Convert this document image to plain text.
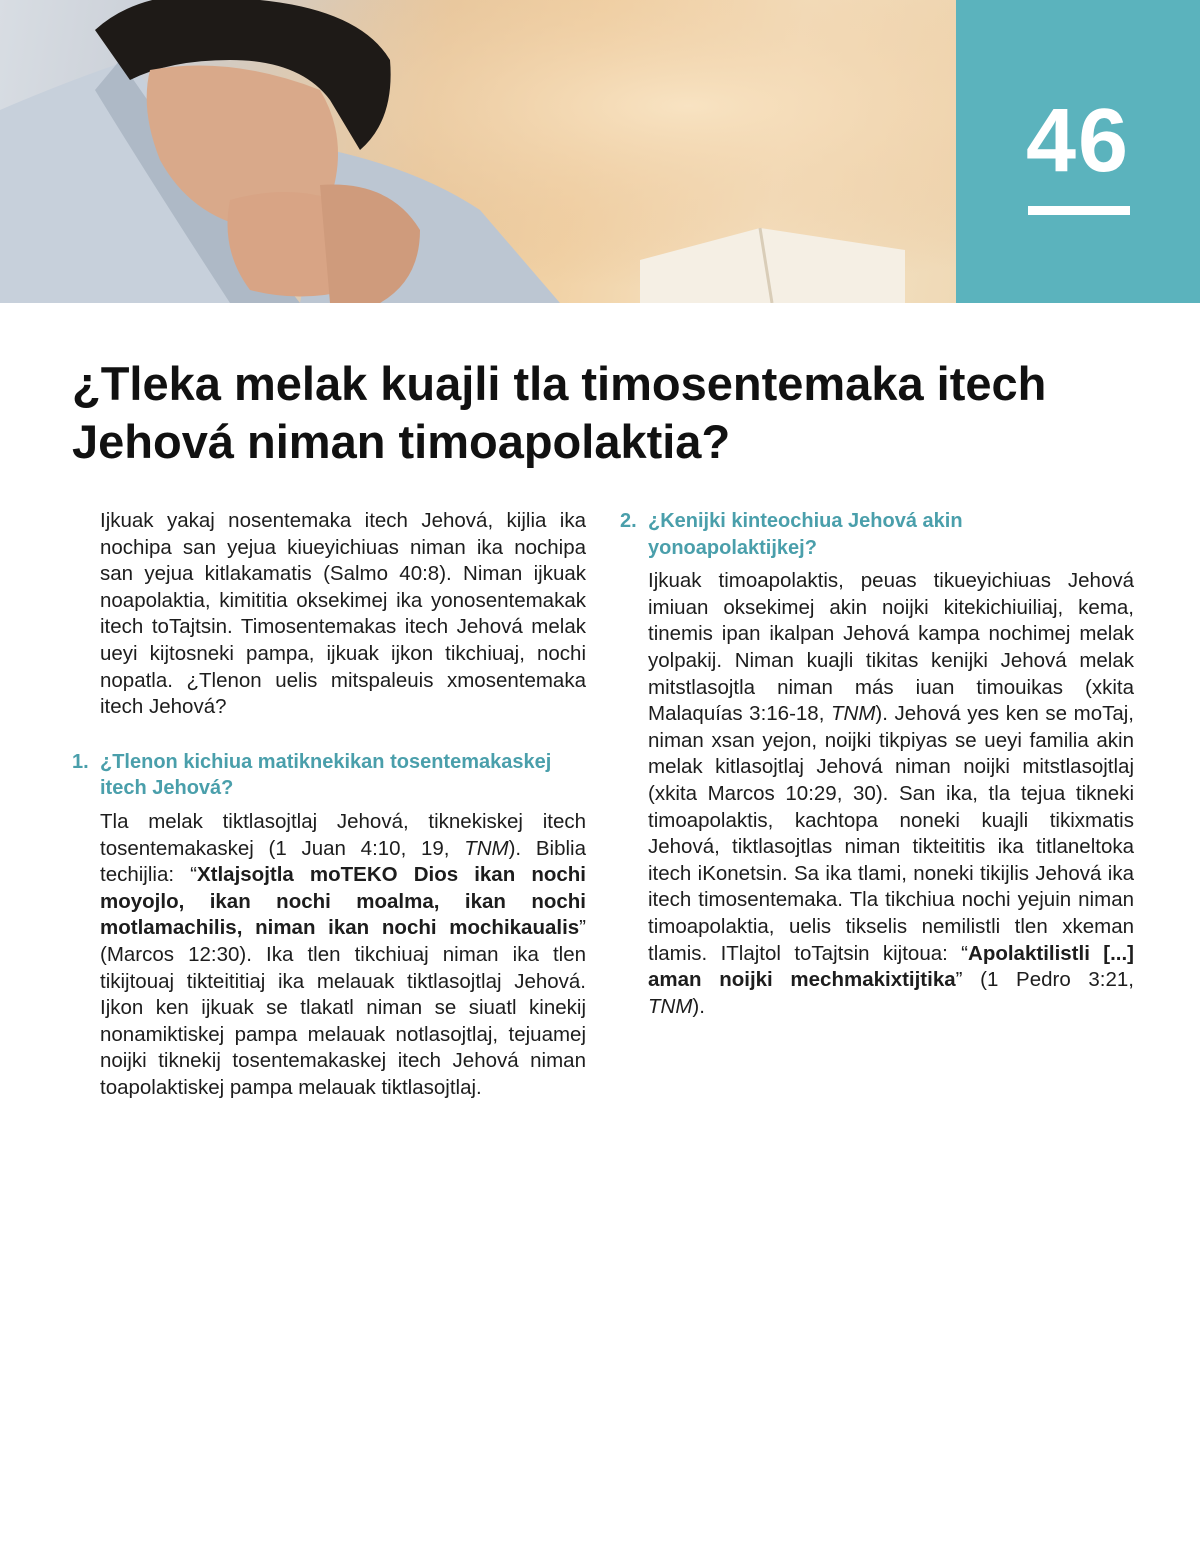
46
¿Tleka melak kuajli tla timosentemaka itech Jehová niman timoapolaktia?

Ijkuak yakaj nosentemaka itech Jehová, kijlia ika nochipa san yejua kiueyichiuas niman ika nochipa san yejua kitlakamatis (Salmo 40:8). Niman ijkuak noapolaktia, kimititia oksekimej ika yonosentemakak itech toTajtsin. Timosentemakas itech Jehová melak ueyi kijtosneki pampa, ijkuak ijkon tikchiuaj, nochi nopatla. ¿Tlenon uelis mitspaleuis xmosentemaka itech Jehová?

1. ¿Tlenon kichiua matiknekikan tosentemakaskej itech Jehová?

Tla melak tiktlasojtlaj Jehová, tiknekiskej itech tosentemakaskej (1 Juan 4:10, 19, TNM). Biblia techijlia: “Xtlajsojtla moTEKO Dios ikan nochi moyojlo, ikan nochi moalma, ikan nochi motlamachilis, niman ikan nochi mochikaualis” (Marcos 12:30). Ika tlen tikchiuaj niman ika tlen tikijtouaj tikteititiaj ika melauak tiktlasojtlaj Jehová. Ijkon ken ijkuak se tlakatl niman se siuatl kinekij nonamiktiskej pampa melauak notlasojtlaj, tejuamej noijki tiknekij tosentemakaskej itech Jehová niman toapolaktiskej pampa melauak tiktlasojtlaj.

2. ¿Kenijki kinteochiua Jehová akin yonoapolaktijkej?

Ijkuak timoapolaktis, peuas tikueyichiuas Jehová imiuan oksekimej akin noijki kitekichiuiliaj, kema, tinemis ipan ikalpan Jehová kampa nochimej melak yolpakij. Niman kuajli tikitas kenijki Jehová melak mitstlasojtla niman más iuan timouikas (xkita Malaquías 3:16-18, TNM). Jehová yes ken se moTaj, niman xsan yejon, noijki tikpiyas se ueyi familia akin melak kitlasojtlaj Jehová niman noijki mitstlasojtlaj (xkita Marcos 10:29, 30). San ika, tla tejua tikneki timoapolaktis, kachtopa noneki kuajli tikixmatis Jehová, tiktlasojtlas niman tikteititis ika titlaneltoka itech iKonetsin. Sa ika tlami, noneki tikijlis Jehová ika itech timosentemaka. Tla tikchiua nochi yejuin niman timoapolaktia, uelis tikselis nemilistli tlen xkeman tlamis. ITlajtol toTajtsin kijtoua: “Apolaktilistli [...] aman noijki mechmakixtijtika” (1 Pedro 3:21, TNM).
